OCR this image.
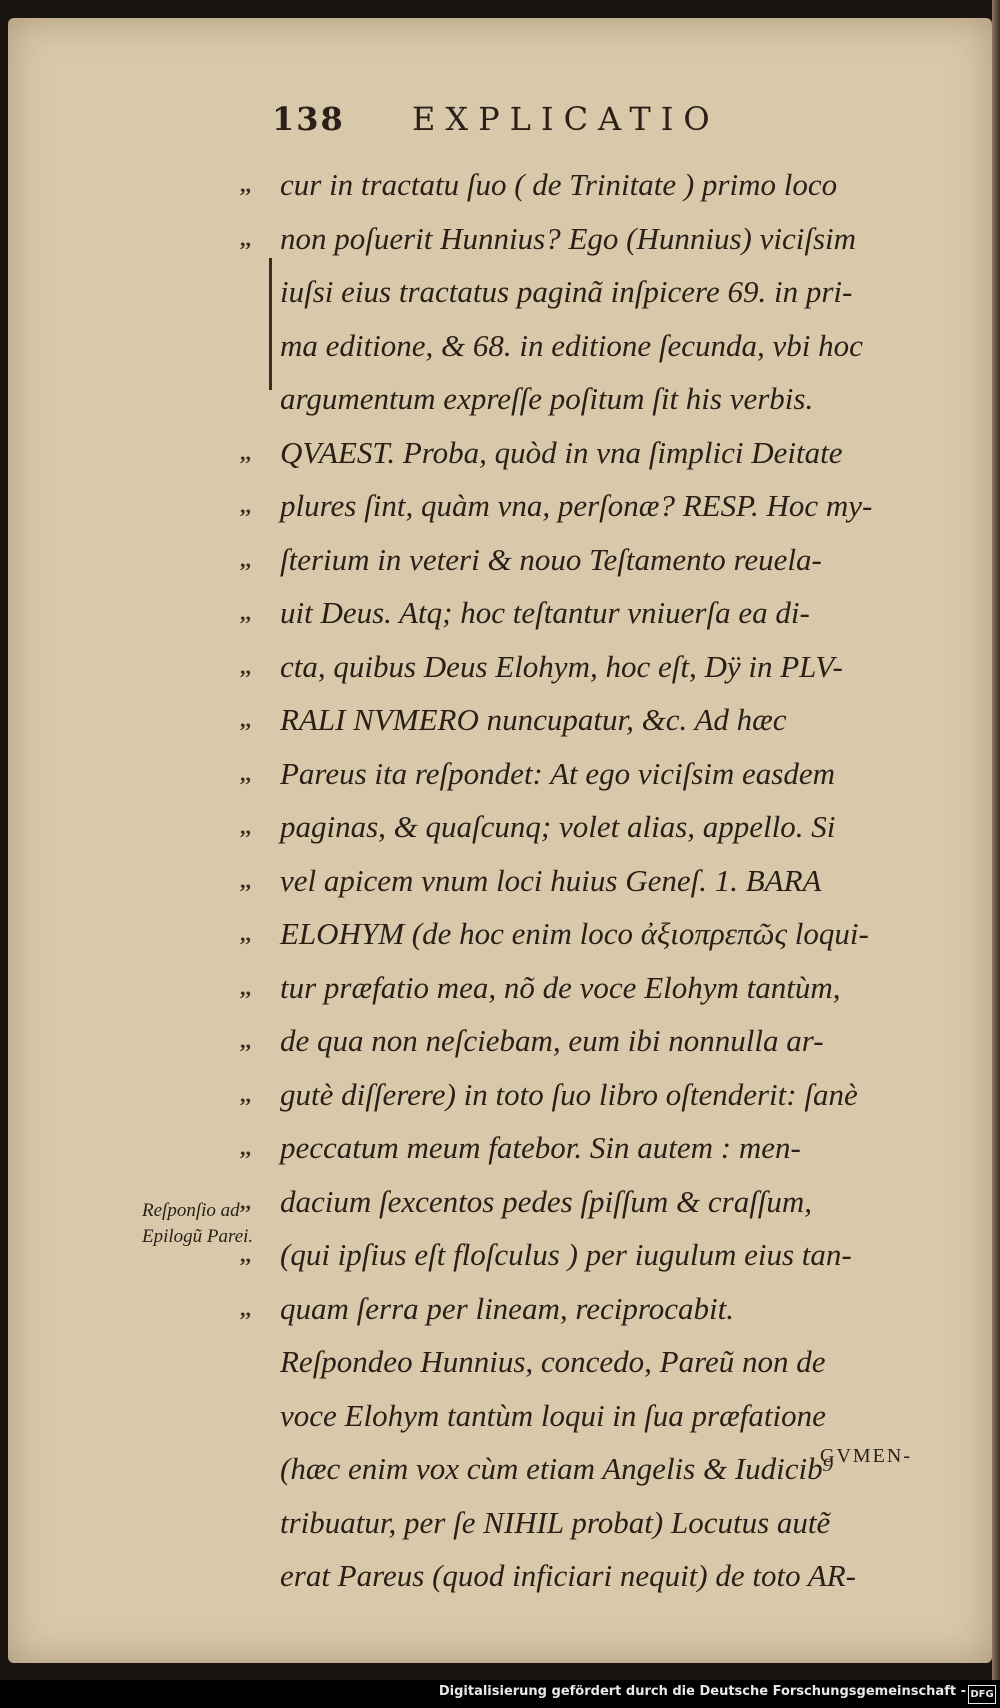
138 EXPLICATIO
,, cur in tractatu ſuo ( de Trinitate ) primo loco
,, non poſuerit Hunnius? Ego (Hunnius) viciſsim
iuſsi eius tractatus paginã inſpicere 69. in pri-
ma editione, & 68. in editione ſecunda, vbi hoc
argumentum expreſſe poſitum ſit his verbis.
,, QVAEST. Proba, quòd in vna ſimplici Deitate
,, plures ſint, quàm vna, perſonæ? RESP. Hoc my-
,, ſterium in veteri & nouo Teſtamento reuela-
,, uit Deus. Atq; hoc teſtantur vniuerſa ea di-
,, cta, quibus Deus Elohym, hoc eſt, Dÿ in PLV-
,, RALI NVMERO nuncupatur, &c. Ad hæc
,, Pareus ita reſpondet: At ego viciſsim easdem
,, paginas, & quaſcunq; volet alias, appello. Si
,, vel apicem vnum loci huius Geneſ. 1. BARA
,, ELOHYM (de hoc enim loco ἀξιοπρεπῶς loqui-
,, tur præfatio mea, nõ de voce Elohym tantùm,
,, de qua non neſciebam, eum ibi nonnulla ar-
,, gutè diſſerere) in toto ſuo libro oſtenderit: ſanè
,, peccatum meum fatebor. Sin autem : men-
,, dacium ſexcentos pedes ſpiſſum & craſſum,
,, (qui ipſius eſt floſculus ) per iugulum eius tan-
,, quam ſerra per lineam, reciprocabit.
Reſpondeo Hunnius, concedo, Pareũ non de
voce Elohym tantùm loqui in ſua præfatione
(hæc enim vox cùm etiam Angelis & Iudicib⁹
tribuatur, per ſe NIHIL probat) Locutus autẽ
erat Pareus (quod inficiari nequit) de toto AR-
Reſponſio ad Epilogũ Parei.
GVMEN-
Digitalisierung gefördert durch die Deutsche Forschungsgemeinschaft - DFG
